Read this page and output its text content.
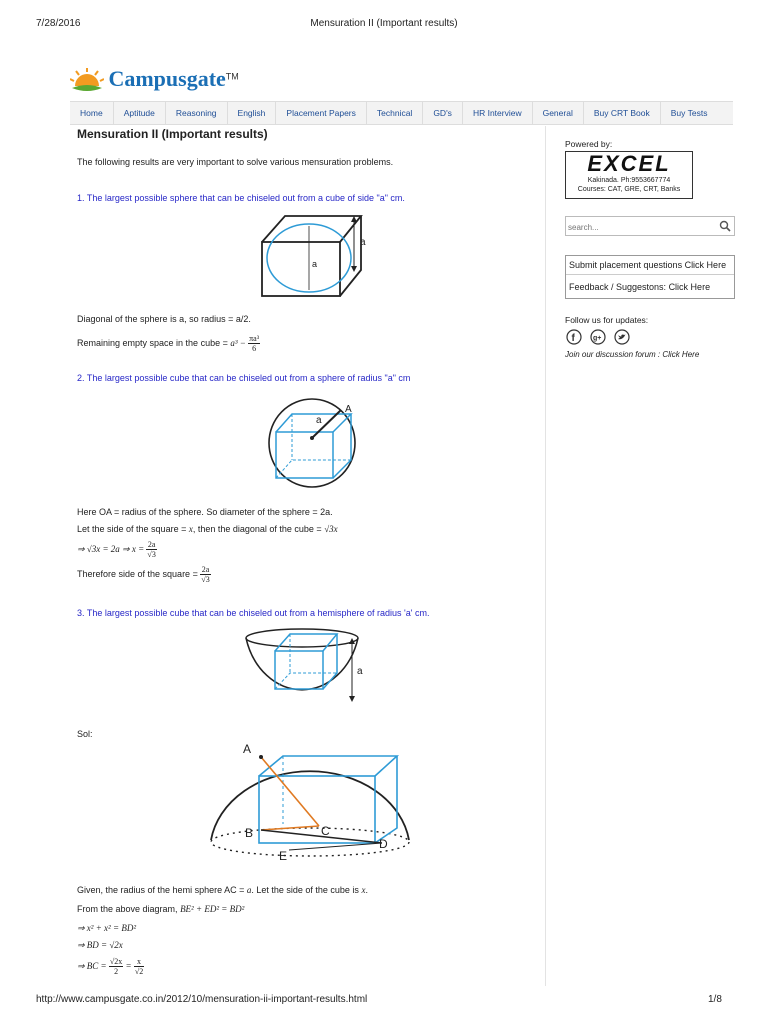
7/28/2016	Mensuration II (Important results)
http://www.campusgate.co.in/2012/10/mensuration-ii-important-results.html	1/8
Campusgate™
Home	Aptitude	Reasoning	English	Placement Papers	Technical	GD's	HR Interview	General	Buy CRT Book	Buy Tests
Mensuration II (Important results)
The following results are very important to solve various mensuration problems.
1. The largest possible sphere that can be chiseled out from a cube of side "a" cm.
a
a
Diagonal of the sphere is a, so radius = a/2.
Remaining empty space in the cube = $a^3 - \frac{\text{πa³}}{6}$
2. The largest possible cube that can be chiseled out from a sphere of radius "a" cm
a
A
Here OA = radius of the sphere. So diameter of the sphere = 2a.
Let the side of the square = x, then the diagonal of the cube = √3x
⇒ √3x = 2a ⇒ $x = \frac{2a}{√3}$
Therefore side of the square = $\frac{2a}{√3}$
3. The largest possible cube that can be chiseled out from a hemisphere of radius 'a' cm.
a
Sol:
A
B	C
D
E
Given, the radius of the hemi sphere AC = a. Let the side of the cube is x.
From the above diagram, BE² + ED² = BD²
⇒ x² + x² = BD²
⇒ BD = √2x
⇒ BC = $\frac{√2x}{2} = \frac{x}{√2}$
Powered by:
EXCEL
Kakinada. Ph:9553667774
Courses: CAT, GRE, CRT, Banks
search...
Submit placement questions Click Here
Feedback / Suggestons: Click Here
Follow us for updates:
f	g+
Join our discussion forum : Click Here
